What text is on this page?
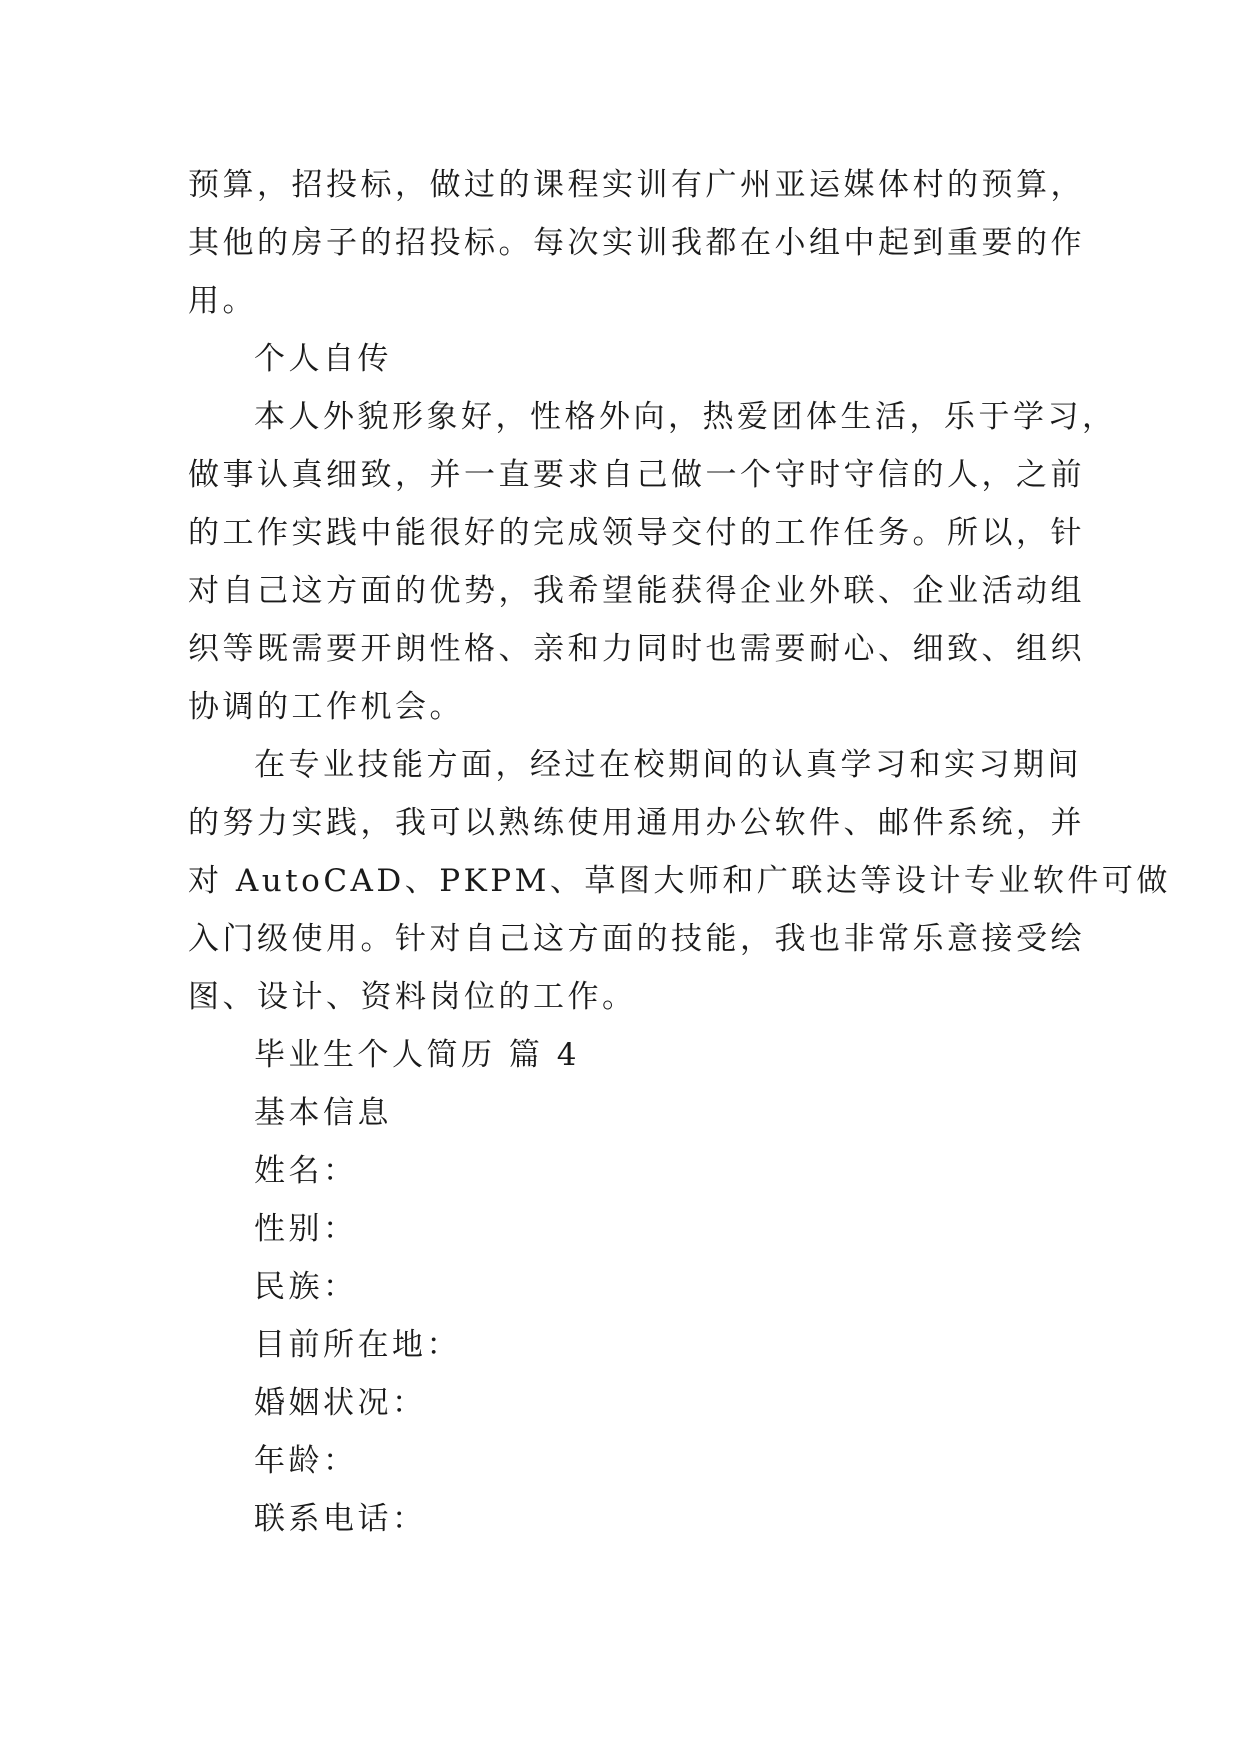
预算，招投标，做过的课程实训有广州亚运媒体村的预算，
其他的房子的招投标。每次实训我都在小组中起到重要的作
用。

个人自传

本人外貌形象好，性格外向，热爱团体生活，乐于学习，
做事认真细致，并一直要求自己做一个守时守信的人，之前
的工作实践中能很好的完成领导交付的工作任务。所以，针
对自己这方面的优势，我希望能获得企业外联、企业活动组
织等既需要开朗性格、亲和力同时也需要耐心、细致、组织
协调的工作机会。

在专业技能方面，经过在校期间的认真学习和实习期间
的努力实践，我可以熟练使用通用办公软件、邮件系统，并
对 AutoCAD、PKPM、草图大师和广联达等设计专业软件可做
入门级使用。针对自己这方面的技能，我也非常乐意接受绘
图、设计、资料岗位的工作。

毕业生个人简历 篇 4

基本信息

姓名：

性别：

民族：

目前所在地：

婚姻状况：

年龄：

联系电话：
